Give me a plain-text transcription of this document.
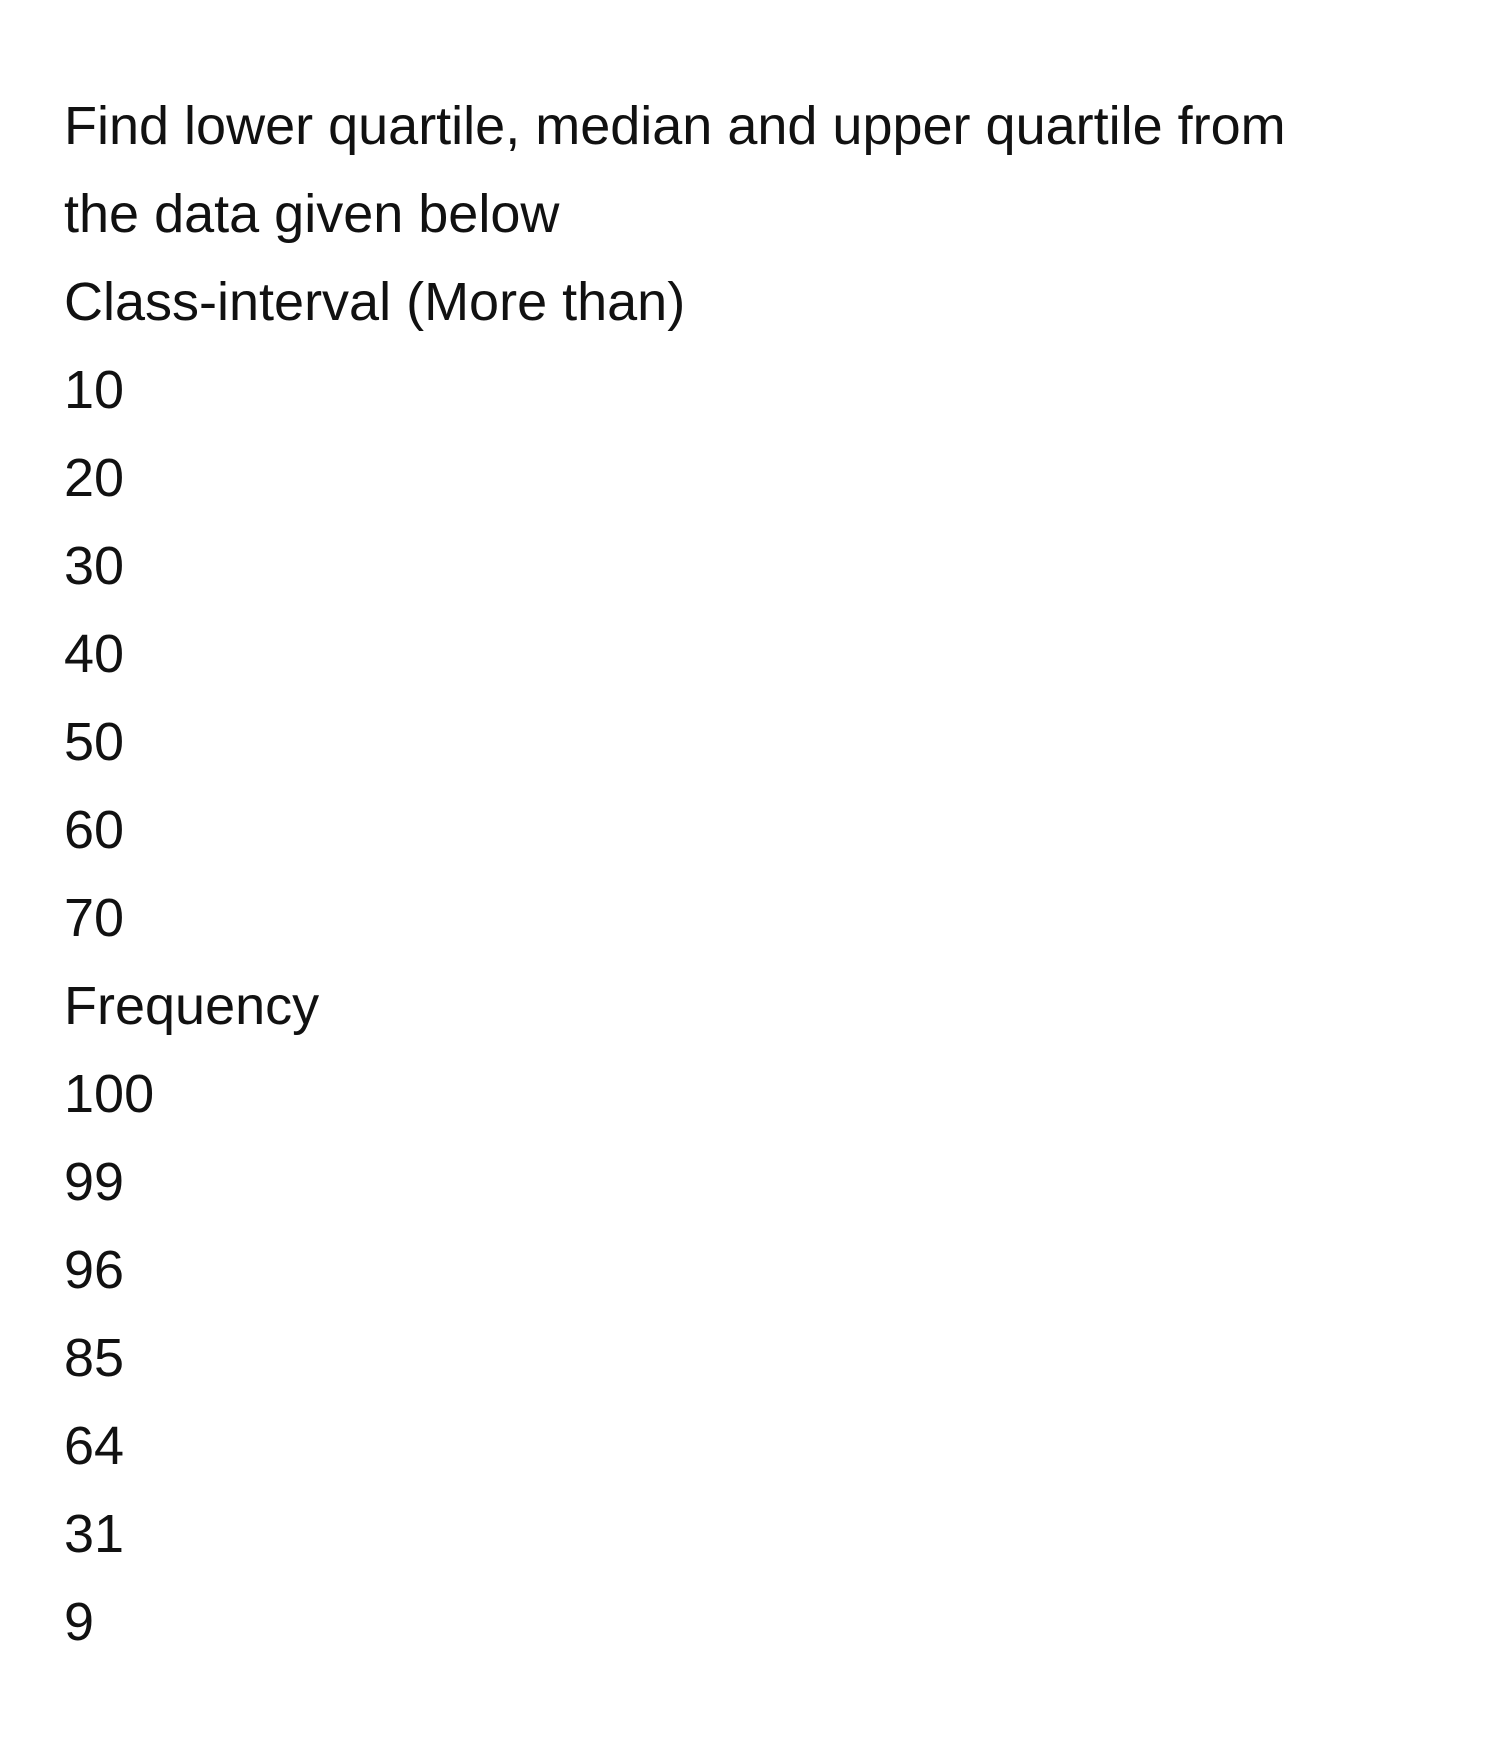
Find lower quartile, median and upper quartile from

the data given below

Class-interval (More than)

10
20
30
40
50
60
70

Frequency

100
99
96
85
64
31
9
